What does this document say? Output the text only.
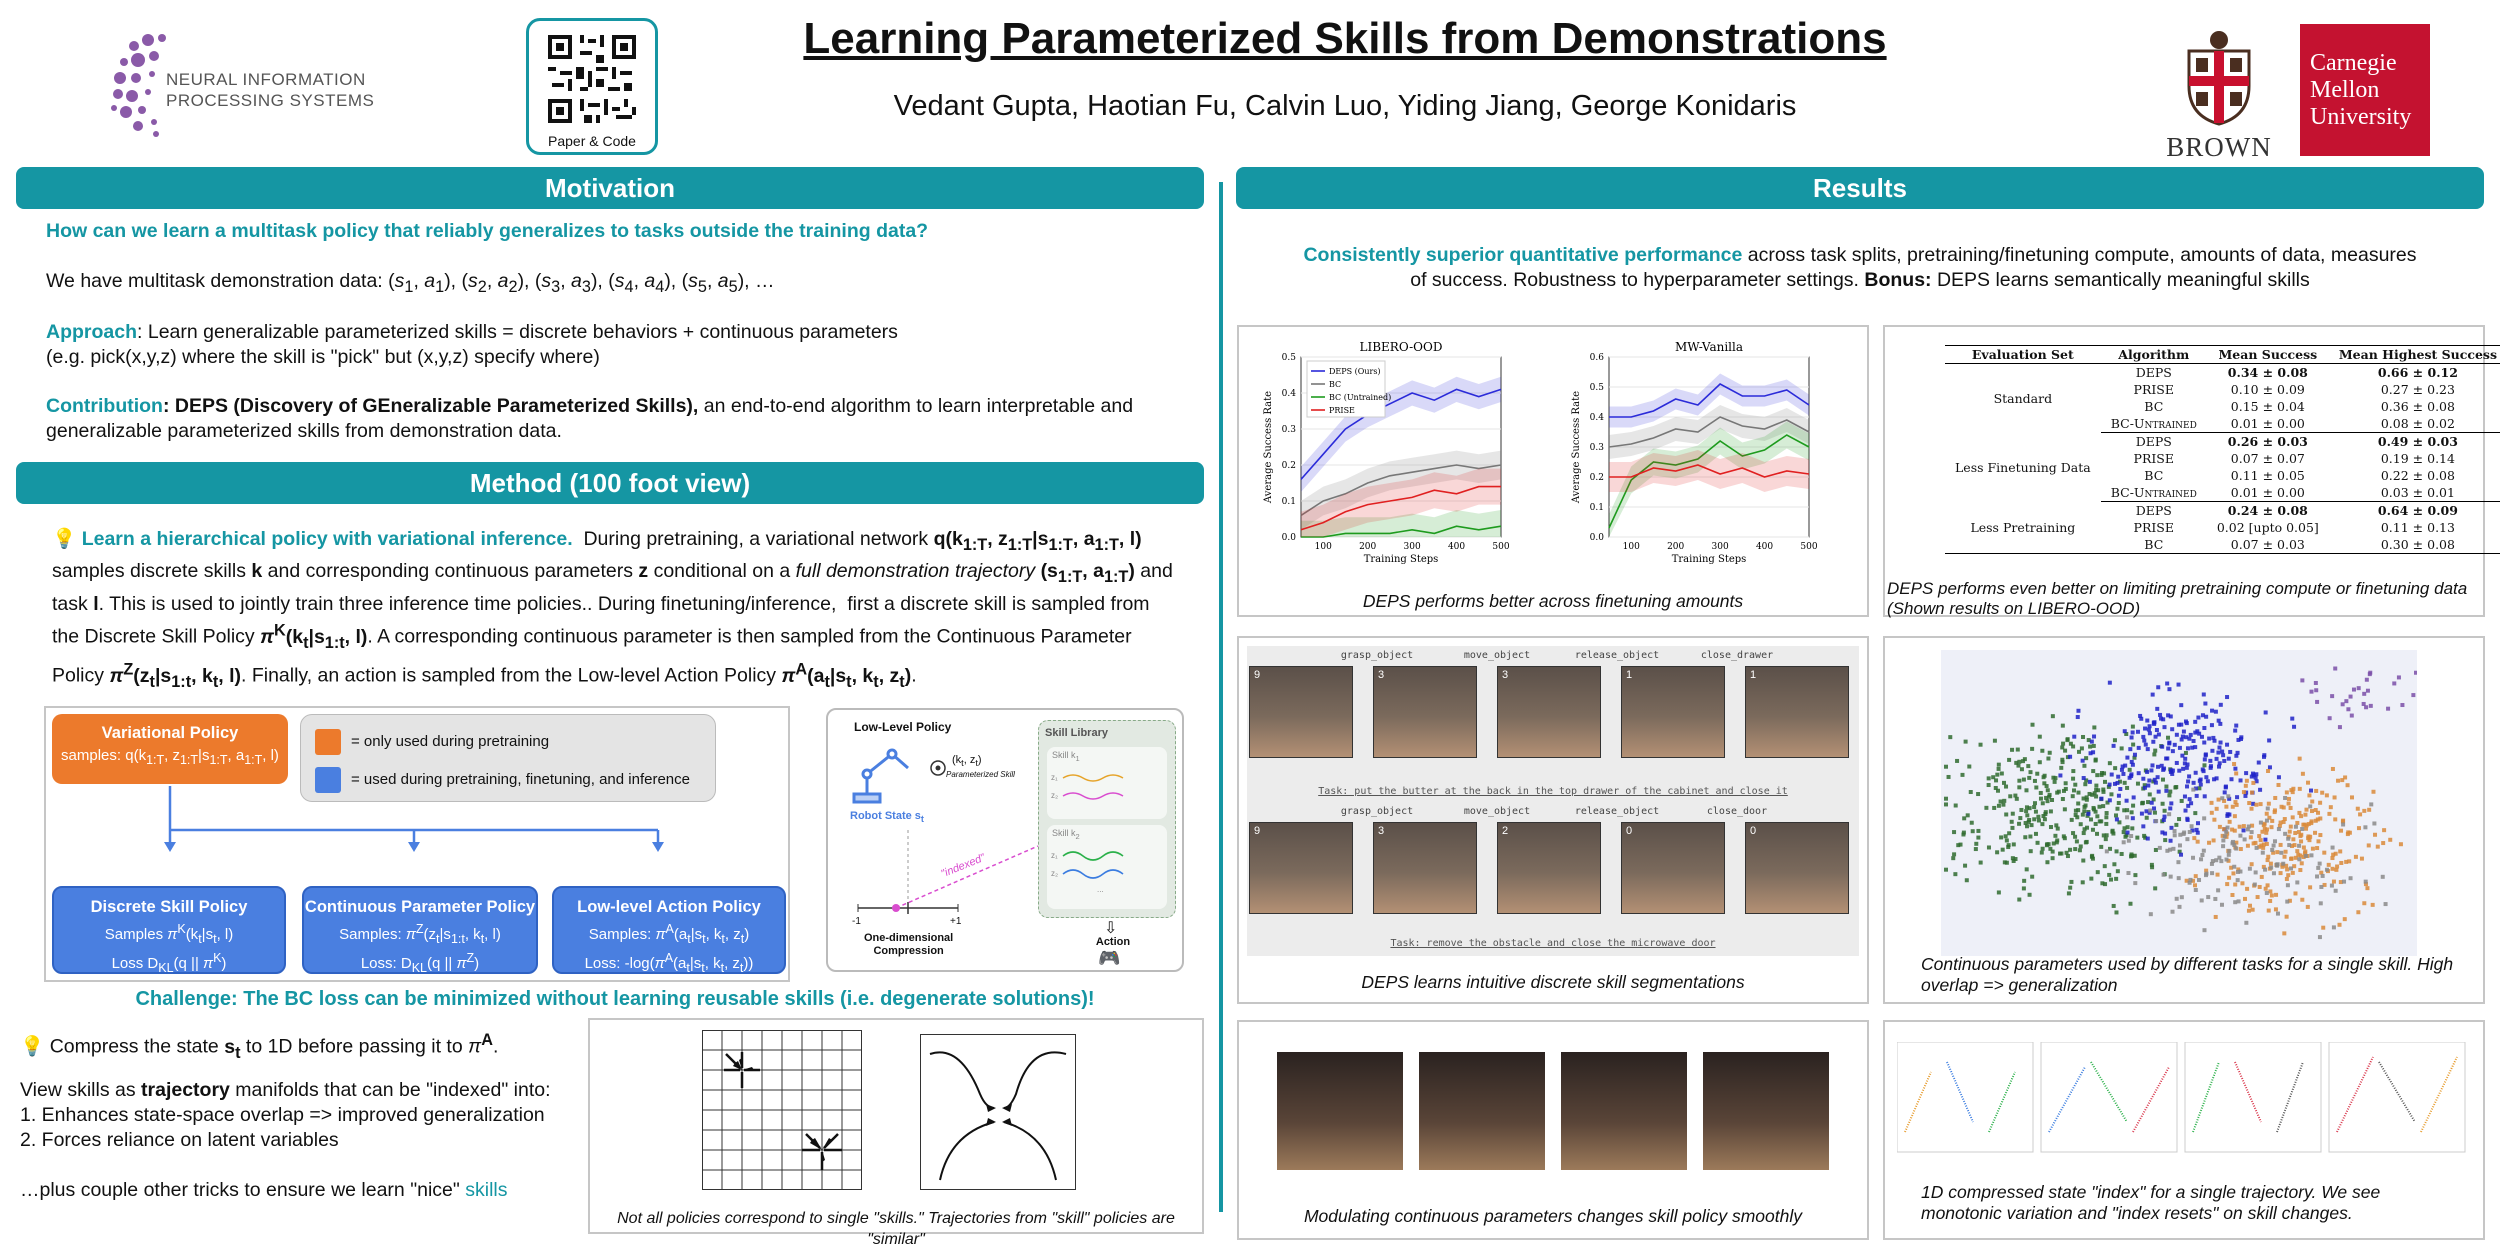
NEURAL INFORMATION
PROCESSING SYSTEMS
Paper & Code
Learning Parameterized Skills from Demonstrations
Vedant Gupta, Haotian Fu, Calvin Luo, Yiding Jiang, George Konidaris
BROWN
Carnegie
Mellon
University
Motivation
How can we learn a multitask policy that reliably generalizes to tasks outside the training data?
We have multitask demonstration data: ($s_1$, $a_1$), ($s_2$, $a_2$), ($s_3$, $a_3$), ($s_4$, $a_4$), ($s_5$, $a_5$), …
Approach: Learn generalizable parameterized skills = discrete behaviors + continuous parameters
(e.g. pick(x,y,z) where the skill is "pick" but (x,y,z) specify where)
Contribution: DEPS (Discovery of GEneralizable Parameterized Skills), an end-to-end algorithm to learn interpretable and generalizable parameterized skills from demonstration data.
Method (100 foot view)
💡 Learn a hierarchical policy with variational inference.  During pretraining, a variational network $q(k_{1:T}$, $z_{1:T}|s_{1:T}$, $a_{1:T}$, l) samples discrete skills k and corresponding continuous parameters z conditional on a full demonstration trajectory ($s_{1:T}$, $a_{1:T}$) and task l. This is used to jointly train three inference time policies.. During finetuning/inference,  first a discrete skill is sampled from the Discrete Skill Policy $\pi^K(k_t|s_{1:t}$, l). A corresponding continuous parameter is then sampled from the Continuous Parameter Policy $\pi^Z(z_t|s_{1:t}$, $k_t$, l). Finally, an action is sampled from the Low-level Action Policy $\pi^A(a_t|s_t$, $k_t$, $z_t$).
Variational Policy
samples: $q(k_{1:T}$, $z_{1:T}|s_{1:T}$, $a_{1:T}$, l)
= only used during pretraining
= used during pretraining, finetuning, and inference
Discrete Skill Policy
Samples $\pi^K(k_t|s_t$, l)
Loss $D_{KL}(q$ || $\pi^K$)
Continuous Parameter Policy
Samples: $\pi^Z(z_t|s_{1:t}$, $k_t$, l)
Loss: $D_{KL}(q$ || $\pi^Z$)
Low-level Action Policy
Samples: $\pi^A(a_t|s_t$, $k_t$, $z_t$)
Loss: $-\log(\pi^A(a_t|s_t$, $k_t$, $z_t$))
Low-Level Policy
Robot State $s_t$
($k_t$, $z_t$)
Parameterized Skill
Skill Library
Skill $k_1$
z₁
z₂
Skill $k_2$
z₁
z₂
...
"indexed"
-1	+1
One-dimensional
Compression
⇩
Action
🎮
Challenge: The BC loss can be minimized without learning reusable skills (i.e. degenerate solutions)!
💡 Compress the state $s_t$ to 1D before passing it to $\pi^A$.
View skills as trajectory manifolds that can be "indexed" into:
1. Enhances state-space overlap => improved generalization
2. Forces reliance on latent variables
…plus couple other tricks to ensure we learn "nice" skills
Not all policies correspond to single "skills." Trajectories from "skill" policies are "similar"
Results
Consistently superior quantitative performance across task splits, pretraining/finetuning compute, amounts of data, measures of success. Robustness to hyperparameter settings. Bonus: DEPS learns semantically meaningful skills
0.0
0.1
0.2
0.3
0.4
0.5
100	200	300	400	500
LIBERO-OOD
Training Steps
Average Success Rate
DEPS (Ours)
BC
BC (Untrained)
PRISE
0.0
0.1
0.2
0.3
0.4
0.5
0.6
100	200	300	400	500
MW-Vanilla
Training Steps
Average Success Rate
DEPS performs better across finetuning amounts
Evaluation Set	Algorithm	Mean Success	Mean Highest Success
Standard	DEPS	0.34 ± 0.08	0.66 ± 0.12
	PRISE	0.10 ± 0.09	0.27 ± 0.23
	BC	0.15 ± 0.04	0.36 ± 0.08
	BC-Untrained	0.01 ± 0.00	0.08 ± 0.02
Less Finetuning Data	DEPS	0.26 ± 0.03	0.49 ± 0.03
	PRISE	0.07 ± 0.07	0.19 ± 0.14
	BC	0.11 ± 0.05	0.22 ± 0.08
	BC-Untrained	0.01 ± 0.00	0.03 ± 0.01
Less Pretraining	DEPS	0.24 ± 0.08	0.64 ± 0.09
	PRISE	0.02 [upto 0.05]	0.11 ± 0.13
	BC	0.07 ± 0.03	0.30 ± 0.08
DEPS performs even better on limiting pretraining compute or finetuning data (Shown results on LIBERO-OOD)
grasp_object	move_object	release_object	close_drawer
9	3	3	1	1
Task: put the butter at the back in the top drawer of the cabinet and close it
grasp_object	move_object	release_object	close_door
9	3	2	0	0
Task: remove the obstacle and close the microwave door
DEPS learns intuitive discrete skill segmentations
Continuous parameters used by different tasks for a single skill. High overlap => generalization
Modulating continuous parameters changes skill policy smoothly
1D compressed state "index" for a single trajectory. We see monotonic variation and "index resets" on skill changes.
